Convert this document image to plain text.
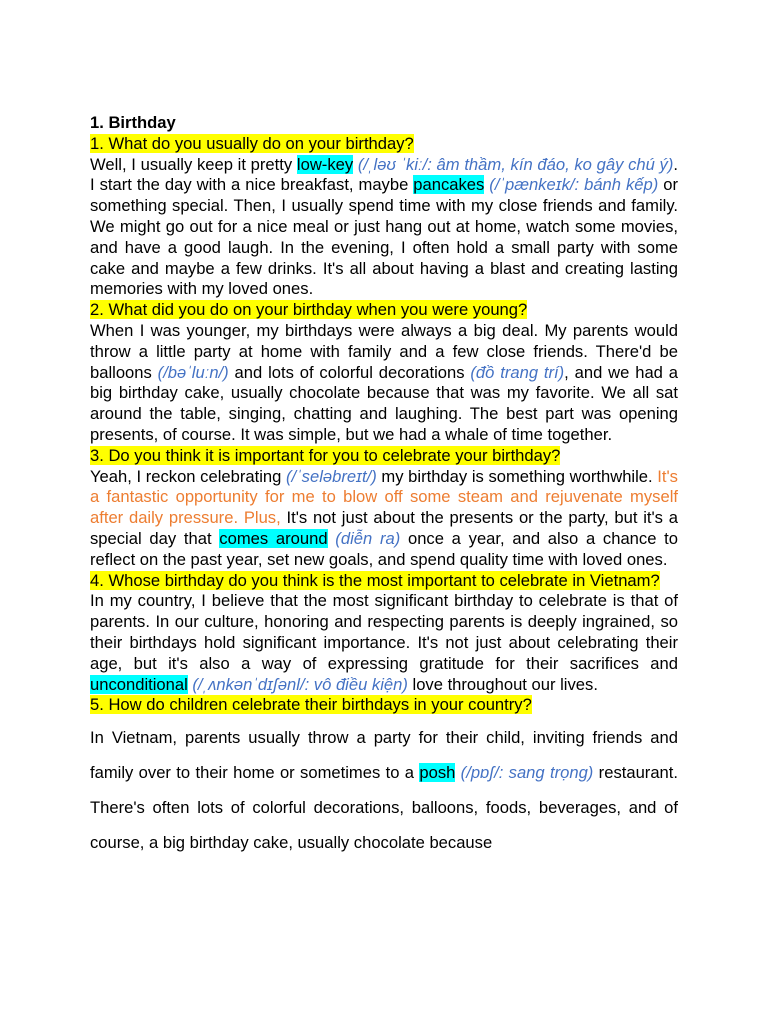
1. Birthday

1. What do you usually do on your birthday?

Well, I usually keep it pretty low-key (/ˌləʊ ˈkiː/: âm thầm, kín đáo, ko gây chú ý). I start the day with a nice breakfast, maybe pancakes (/ˈpænkeɪk/: bánh kếp) or something special. Then, I usually spend time with my close friends and family. We might go out for a nice meal or just hang out at home, watch some movies, and have a good laugh. In the evening, I often hold a small party with some cake and maybe a few drinks. It's all about having a blast and creating lasting memories with my loved ones.

2. What did you do on your birthday when you were young?

When I was younger, my birthdays were always a big deal. My parents would throw a little party at home with family and a few close friends. There'd be balloons (/bəˈluːn/) and lots of colorful decorations (đồ trang trí), and we had a big birthday cake, usually chocolate because that was my favorite. We all sat around the table, singing, chatting and laughing. The best part was opening presents, of course. It was simple, but we had a whale of time together.

3. Do you think it is important for you to celebrate your birthday?

Yeah, I reckon celebrating (/ˈseləbreɪt/) my birthday is something worthwhile. It's a fantastic opportunity for me to blow off some steam and rejuvenate myself after daily pressure. Plus, It's not just about the presents or the party, but it's a special day that comes around (diễn ra) once a year, and also a chance to reflect on the past year, set new goals, and spend quality time with loved ones.

4. Whose birthday do you think is the most important to celebrate in Vietnam?

In my country, I believe that the most significant birthday to celebrate is that of parents. In our culture, honoring and respecting parents is deeply ingrained, so their birthdays hold significant importance. It's not just about celebrating their age, but it's also a way of expressing gratitude for their sacrifices and unconditional (/ˌʌnkənˈdɪʃənl/: vô điều kiện) love throughout our lives.

5. How do children celebrate their birthdays in your country?

In Vietnam, parents usually throw a party for their child, inviting friends and family over to their home or sometimes to a posh (/pɒʃ/: sang trọng) restaurant. There's often lots of colorful decorations, balloons, foods, beverages, and of course, a big birthday cake, usually chocolate because
